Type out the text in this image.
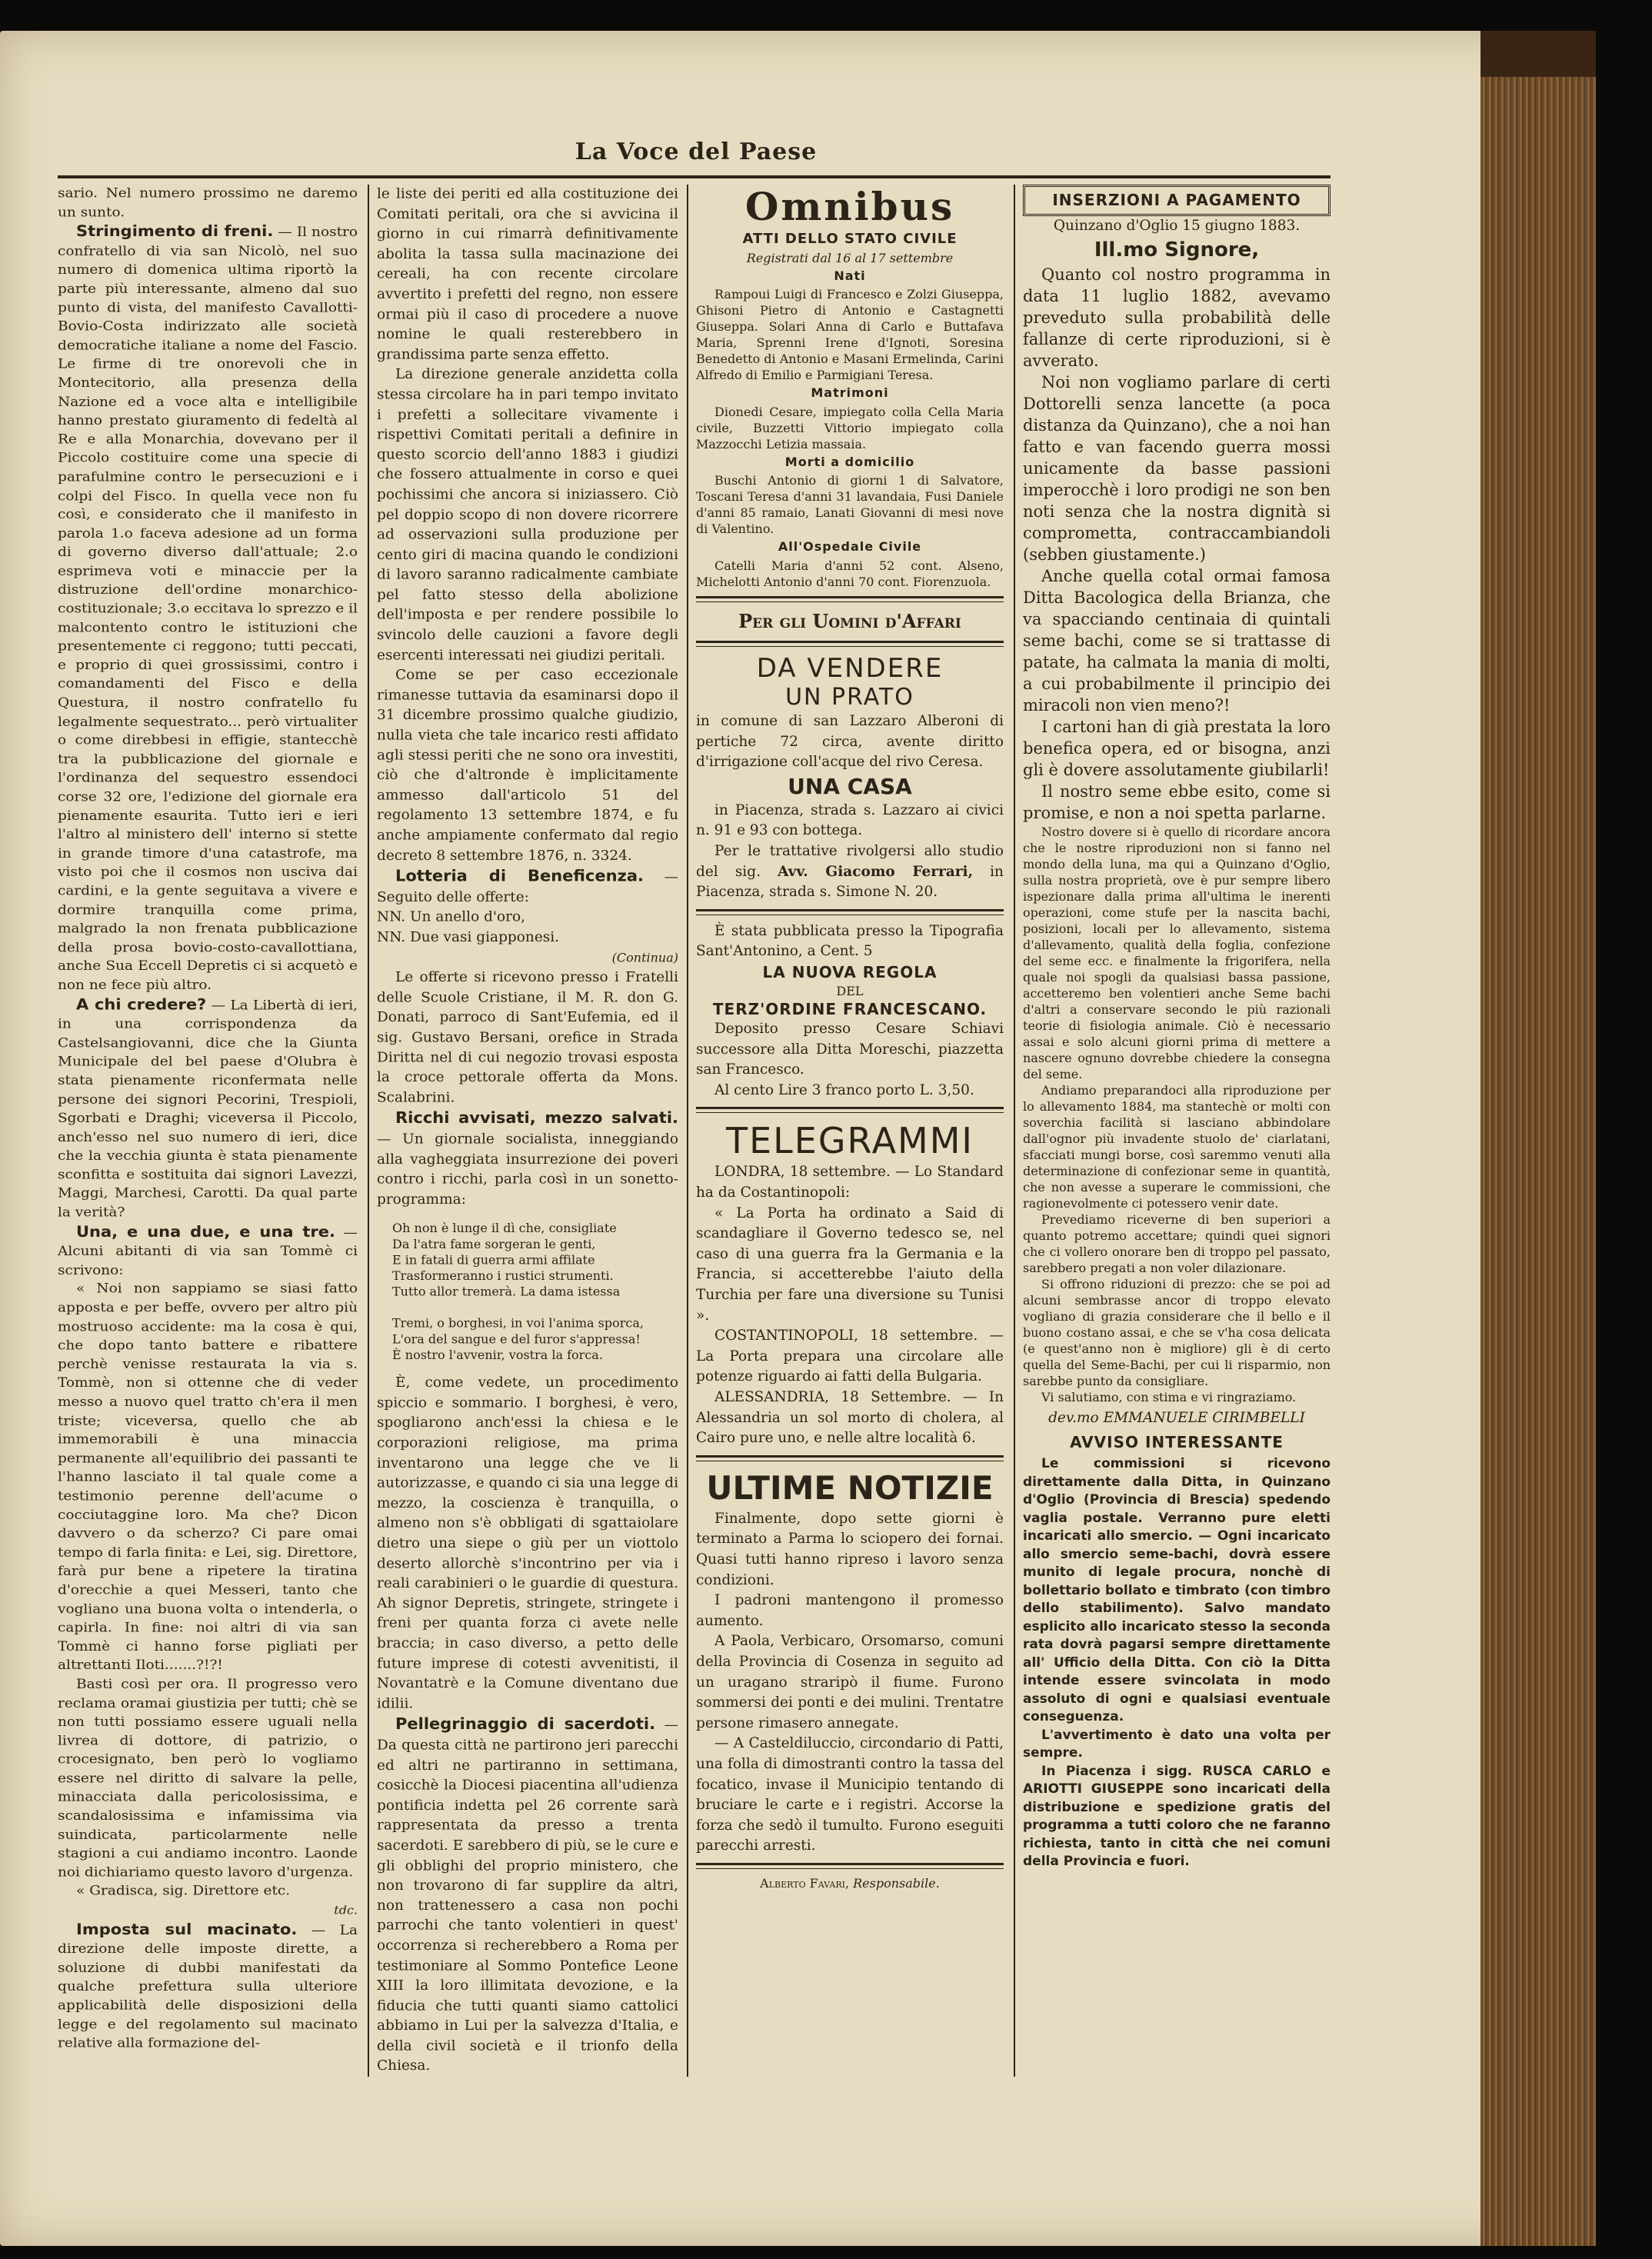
La Voce del Paese

sario. Nel numero prossimo ne daremo un sunto.

Stringimento di freni. — Il nostro confratello di via san Nicolò, nel suo numero di domenica ultima riportò la parte più interessante, almeno dal suo punto di vista, del manifesto Cavallotti-Bovio-Costa indirizzato alle società democratiche italiane a nome del Fascio. Le firme di tre onorevoli che in Montecitorio, alla presenza della Nazione ed a voce alta e intelligibile hanno prestato giuramento di fedeltà al Re e alla Monarchia, dovevano per il Piccolo costituire come una specie di parafulmine contro le persecuzioni e i colpi del Fisco. In quella vece non fu così, e considerato che il manifesto in parola 1.o faceva adesione ad un forma di governo diverso dall'attuale; 2.o esprimeva voti e minaccie per la distruzione dell'ordine monarchico-costituzionale; 3.o eccitava lo sprezzo e il malcontento contro le istituzioni che presentemente ci reggono; tutti peccati, e proprio di quei grossissimi, contro i comandamenti del Fisco e della Questura, il nostro confratello fu legalmente sequestrato... però virtualiter o come direbbesi in effigie, stantecchè tra la pubblicazione del giornale e l'ordinanza del sequestro essendoci corse 32 ore, l'edizione del giornale era pienamente esaurita. Tutto ieri e ieri l'altro al ministero dell' interno si stette in grande timore d'una catastrofe, ma visto poi che il cosmos non usciva dai cardini, e la gente seguitava a vivere e dormire tranquilla come prima, malgrado la non frenata pubblicazione della prosa bovio-costo-cavallottiana, anche Sua Eccell Depretis ci si acquetò e non ne fece più altro.

A chi credere? — La Libertà di ieri, in una corrispondenza da Castelsangiovanni, dice che la Giunta Municipale del bel paese d'Olubra è stata pienamente riconfermata nelle persone dei signori Pecorini, Trespioli, Sgorbati e Draghi; viceversa il Piccolo, anch'esso nel suo numero di ieri, dice che la vecchia giunta è stata pienamente sconfitta e sostituita dai signori Lavezzi, Maggi, Marchesi, Carotti. Da qual parte la verità?

Una, e una due, e una tre. — Alcuni abitanti di via san Tommè ci scrivono:

« Noi non sappiamo se siasi fatto apposta e per beffe, ovvero per altro più mostruoso accidente: ma la cosa è qui, che dopo tanto battere e ribattere perchè venisse restaurata la via s. Tommè, non si ottenne che di veder messo a nuovo quel tratto ch'era il men triste; viceversa, quello che ab immemorabili è una minaccia permanente all'equilibrio dei passanti te l'hanno lasciato il tal quale come a testimonio perenne dell'acume o cocciutaggine loro. Ma che? Dicon davvero o da scherzo? Ci pare omai tempo di farla finita: e Lei, sig. Direttore, farà pur bene a ripetere la tiratina d'orecchie a quei Messeri, tanto che vogliano una buona volta o intenderla, o capirla. In fine: noi altri di via san Tommè ci hanno forse pigliati per altrettanti Iloti.......?!?!

Basti così per ora. Il progresso vero reclama oramai giustizia per tutti; chè se non tutti possiamo essere uguali nella livrea di dottore, di patrizio, o crocesignato, ben però lo vogliamo essere nel diritto di salvare la pelle, minacciata dalla pericolosissima, e scandalosissima e infamissima via suindicata, particolarmente nelle stagioni a cui andiamo incontro. Laonde noi dichiariamo questo lavoro d'urgenza.

« Gradisca, sig. Direttore etc.

tdc.

Imposta sul macinato. — La direzione delle imposte dirette, a soluzione di dubbi manifestati da qualche prefettura sulla ulteriore applicabilità delle disposizioni della legge e del regolamento sul macinato relative alla formazione del-

le liste dei periti ed alla costituzione dei Comitati peritali, ora che si avvicina il giorno in cui rimarrà definitivamente abolita la tassa sulla macinazione dei cereali, ha con recente circolare avvertito i prefetti del regno, non essere ormai più il caso di procedere a nuove nomine le quali resterebbero in grandissima parte senza effetto.

La direzione generale anzidetta colla stessa circolare ha in pari tempo invitato i prefetti a sollecitare vivamente i rispettivi Comitati peritali a definire in questo scorcio dell'anno 1883 i giudizi che fossero attualmente in corso e quei pochissimi che ancora si iniziassero. Ciò pel doppio scopo di non dovere ricorrere ad osservazioni sulla produzione per cento giri di macina quando le condizioni di lavoro saranno radicalmente cambiate pel fatto stesso della abolizione dell'imposta e per rendere possibile lo svincolo delle cauzioni a favore degli esercenti interessati nei giudizi peritali.

Come se per caso eccezionale rimanesse tuttavia da esaminarsi dopo il 31 dicembre prossimo qualche giudizio, nulla vieta che tale incarico resti affidato agli stessi periti che ne sono ora investiti, ciò che d'altronde è implicitamente ammesso dall'articolo 51 del regolamento 13 settembre 1874, e fu anche ampiamente confermato dal regio decreto 8 settembre 1876, n. 3324.

Lotteria di Beneficenza. — Seguito delle offerte:

NN. Un anello d'oro,

NN. Due vasi giapponesi.

(Continua)

Le offerte si ricevono presso i Fratelli delle Scuole Cristiane, il M. R. don G. Donati, parroco di Sant'Eufemia, ed il sig. Gustavo Bersani, orefice in Strada Diritta nel di cui negozio trovasi esposta la croce pettorale offerta da Mons. Scalabrini.

Ricchi avvisati, mezzo salvati. — Un giornale socialista, inneggiando alla vagheggiata insurrezione dei poveri contro i ricchi, parla così in un sonetto-programma:

Oh non è lunge il dì che, consigliate
Da l'atra fame sorgeran le genti,
E in fatali di guerra armi affilate
Trasformeranno i rustici strumenti.
Tutto allor tremerà. La dama istessa

Tremi, o borghesi, in voi l'anima sporca,
L'ora del sangue e del furor s'appressa!
È nostro l'avvenir, vostra la forca.

È, come vedete, un procedimento spiccio e sommario. I borghesi, è vero, spogliarono anch'essi la chiesa e le corporazioni religiose, ma prima inventarono una legge che ve li autorizzasse, e quando ci sia una legge di mezzo, la coscienza è tranquilla, o almeno non s'è obbligati di sgattaiolare dietro una siepe o giù per un viottolo deserto allorchè s'incontrino per via i reali carabinieri o le guardie di questura. Ah signor Depretis, stringete, stringete i freni per quanta forza ci avete nelle braccia; in caso diverso, a petto delle future imprese di cotesti avvenitisti, il Novantatrè e la Comune diventano due idilii.

Pellegrinaggio di sacerdoti. — Da questa città ne partirono jeri parecchi ed altri ne partiranno in settimana, cosicchè la Diocesi piacentina all'udienza pontificia indetta pel 26 corrente sarà rappresentata da presso a trenta sacerdoti. E sarebbero di più, se le cure e gli obblighi del proprio ministero, che non trovarono di far supplire da altri, non trattenessero a casa non pochi parrochi che tanto volentieri in quest' occorrenza si recherebbero a Roma per testimoniare al Sommo Pontefice Leone XIII la loro illimitata devozione, e la fiducia che tutti quanti siamo cattolici abbiamo in Lui per la salvezza d'Italia, e della civil società e il trionfo della Chiesa.

Omnibus

ATTI DELLO STATO CIVILE

Registrati dal 16 al 17 settembre

Nati

Rampoui Luigi di Francesco e Zolzi Giuseppa, Ghisoni Pietro di Antonio e Castagnetti Giuseppa. Solari Anna di Carlo e Buttafava Maria, Sprenni Irene d'Ignoti, Soresina Benedetto di Antonio e Masani Ermelinda, Carini Alfredo di Emilio e Parmigiani Teresa.

Matrimoni

Dionedi Cesare, impiegato colla Cella Maria civile, Buzzetti Vittorio impiegato colla Mazzocchi Letizia massaia.

Morti a domicilio

Buschi Antonio di giorni 1 di Salvatore, Toscani Teresa d'anni 31 lavandaia, Fusi Daniele d'anni 85 ramaio, Lanati Giovanni di mesi nove di Valentino.

All'Ospedale Civile

Catelli Maria d'anni 52 cont. Alseno, Michelotti Antonio d'anni 70 cont. Fiorenzuola.

Per gli Uomini d'Affari

DA VENDERE

UN PRATO

in comune di san Lazzaro Alberoni di pertiche 72 circa, avente diritto d'irrigazione coll'acque del rivo Ceresa.

UNA CASA

in Piacenza, strada s. Lazzaro ai civici n. 91 e 93 con bottega.

Per le trattative rivolgersi allo studio del sig. Avv. Giacomo Ferrari, in Piacenza, strada s. Simone N. 20.

È stata pubblicata presso la Tipografia Sant'Antonino, a Cent. 5

LA NUOVA REGOLA

DEL

TERZ'ORDINE FRANCESCANO.

Deposito presso Cesare Schiavi successore alla Ditta Moreschi, piazzetta san Francesco.

Al cento Lire 3 franco porto L. 3,50.

TELEGRAMMI

LONDRA, 18 settembre. — Lo Standard ha da Costantinopoli:

« La Porta ha ordinato a Said di scandagliare il Governo tedesco se, nel caso di una guerra fra la Germania e la Francia, si accetterebbe l'aiuto della Turchia per fare una diversione su Tunisi ».

COSTANTINOPOLI, 18 settembre. — La Porta prepara una circolare alle potenze riguardo ai fatti della Bulgaria.

ALESSANDRIA, 18 Settembre. — In Alessandria un sol morto di cholera, al Cairo pure uno, e nelle altre località 6.

ULTIME NOTIZIE

Finalmente, dopo sette giorni è terminato a Parma lo sciopero dei fornai. Quasi tutti hanno ripreso i lavoro senza condizioni.

I padroni mantengono il promesso aumento.

A Paola, Verbicaro, Orsomarso, comuni della Provincia di Cosenza in seguito ad un uragano straripò il fiume. Furono sommersi dei ponti e dei mulini. Trentatre persone rimasero annegate.

— A Casteldiluccio, circondario di Patti, una folla di dimostranti contro la tassa del focatico, invase il Municipio tentando di bruciare le carte e i registri. Accorse la forza che sedò il tumulto. Furono eseguiti parecchi arresti.

Alberto Favari, Responsabile.

INSERZIONI A PAGAMENTO

Quinzano d'Oglio 15 giugno 1883.

Ill.mo Signore,

Quanto col nostro programma in data 11 luglio 1882, avevamo preveduto sulla probabilità delle fallanze di certe riproduzioni, si è avverato.

Noi non vogliamo parlare di certi Dottorelli senza lancette (a poca distanza da Quinzano), che a noi han fatto e van facendo guerra mossi unicamente da basse passioni imperocchè i loro prodigi ne son ben noti senza che la nostra dignità si comprometta, contraccambiandoli (sebben giustamente.)

Anche quella cotal ormai famosa Ditta Bacologica della Brianza, che va spacciando centinaia di quintali seme bachi, come se si trattasse di patate, ha calmata la mania di molti, a cui probabilmente il principio dei miracoli non vien meno?!

I cartoni han di già prestata la loro benefica opera, ed or bisogna, anzi gli è dovere assolutamente giubilarli!

Il nostro seme ebbe esito, come si promise, e non a noi spetta parlarne.

Nostro dovere si è quello di ricordare ancora che le nostre riproduzioni non si fanno nel mondo della luna, ma qui a Quinzano d'Oglio, sulla nostra proprietà, ove è pur sempre libero ispezionare dalla prima all'ultima le inerenti operazioni, come stufe per la nascita bachi, posizioni, locali per lo allevamento, sistema d'allevamento, qualità della foglia, confezione del seme ecc. e finalmente la frigorifera, nella quale noi spogli da qualsiasi bassa passione, accetteremo ben volentieri anche Seme bachi d'altri a conservare secondo le più razionali teorie di fisiologia animale. Ciò è necessario assai e solo alcuni giorni prima di mettere a nascere ognuno dovrebbe chiedere la consegna del seme.

Andiamo preparandoci alla riproduzione per lo allevamento 1884, ma stantechè or molti con soverchia facilità si lasciano abbindolare dall'ognor più invadente stuolo de' ciarlatani, sfacciati mungi borse, così saremmo venuti alla determinazione di confezionar seme in quantità, che non avesse a superare le commissioni, che ragionevolmente ci potessero venir date.

Prevediamo riceverne di ben superiori a quanto potremo accettare; quindi quei signori che ci vollero onorare ben di troppo pel passato, sarebbero pregati a non voler dilazionare.

Si offrono riduzioni di prezzo: che se poi ad alcuni sembrasse ancor di troppo elevato vogliano di grazia considerare che il bello e il buono costano assai, e che se v'ha cosa delicata (e quest'anno non è migliore) gli è di certo quella del Seme-Bachi, per cui li risparmio, non sarebbe punto da consigliare.

Vi salutiamo, con stima e vi ringraziamo.

dev.mo EMMANUELE CIRIMBELLI

AVVISO INTERESSANTE

Le commissioni si ricevono direttamente dalla Ditta, in Quinzano d'Oglio (Provincia di Brescia) spedendo vaglia postale. Verranno pure eletti incaricati allo smercio. — Ogni incaricato allo smercio seme-bachi, dovrà essere munito di legale procura, nonchè di bollettario bollato e timbrato (con timbro dello stabilimento). Salvo mandato esplicito allo incaricato stesso la seconda rata dovrà pagarsi sempre direttamente all' Ufficio della Ditta. Con ciò la Ditta intende essere svincolata in modo assoluto di ogni e qualsiasi eventuale conseguenza.

L'avvertimento è dato una volta per sempre.

In Piacenza i sigg. RUSCA CARLO e ARIOTTI GIUSEPPE sono incaricati della distribuzione e spedizione gratis del programma a tutti coloro che ne faranno richiesta, tanto in città che nei comuni della Provincia e fuori.
